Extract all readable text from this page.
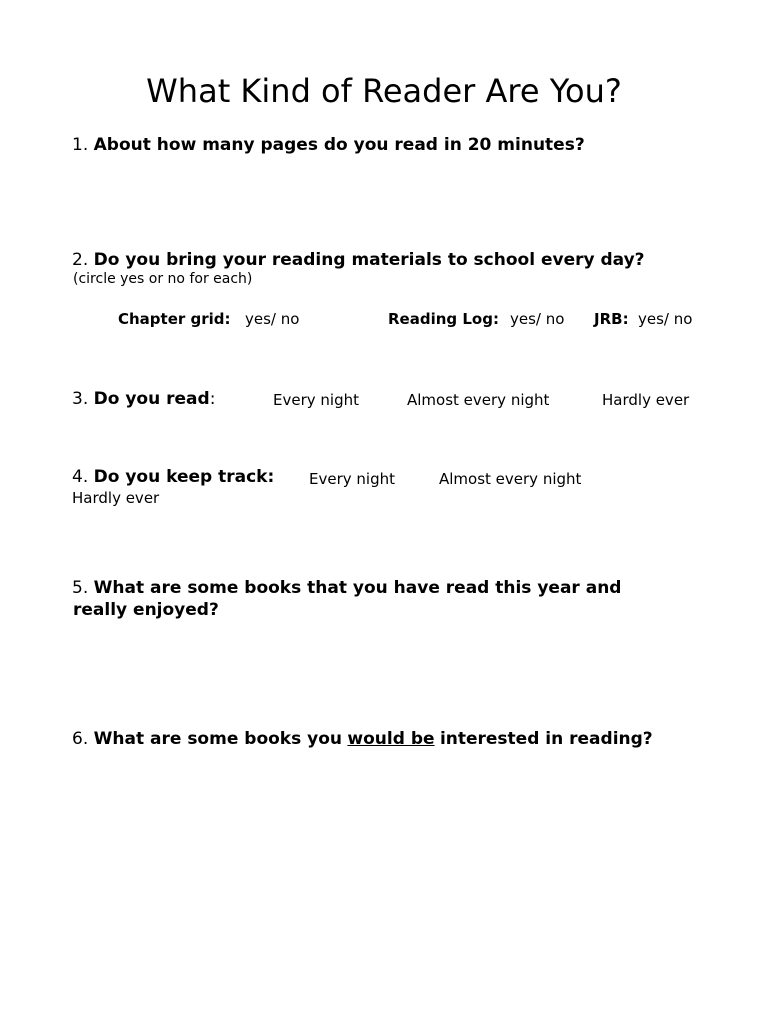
What Kind of Reader Are You?
1. About how many pages do you read in 20 minutes?
2. Do you bring your reading materials to school every day?
(circle yes or no for each)
Chapter grid: yes/ no	Reading Log: yes/ no JRB: yes/ no
3. Do you read:	Every night	Almost every night	Hardly ever
4. Do you keep track: Every night	Almost every night
Hardly ever
5. What are some books that you have read this year and
really enjoyed?
6. What are some books you would be interested in reading?
